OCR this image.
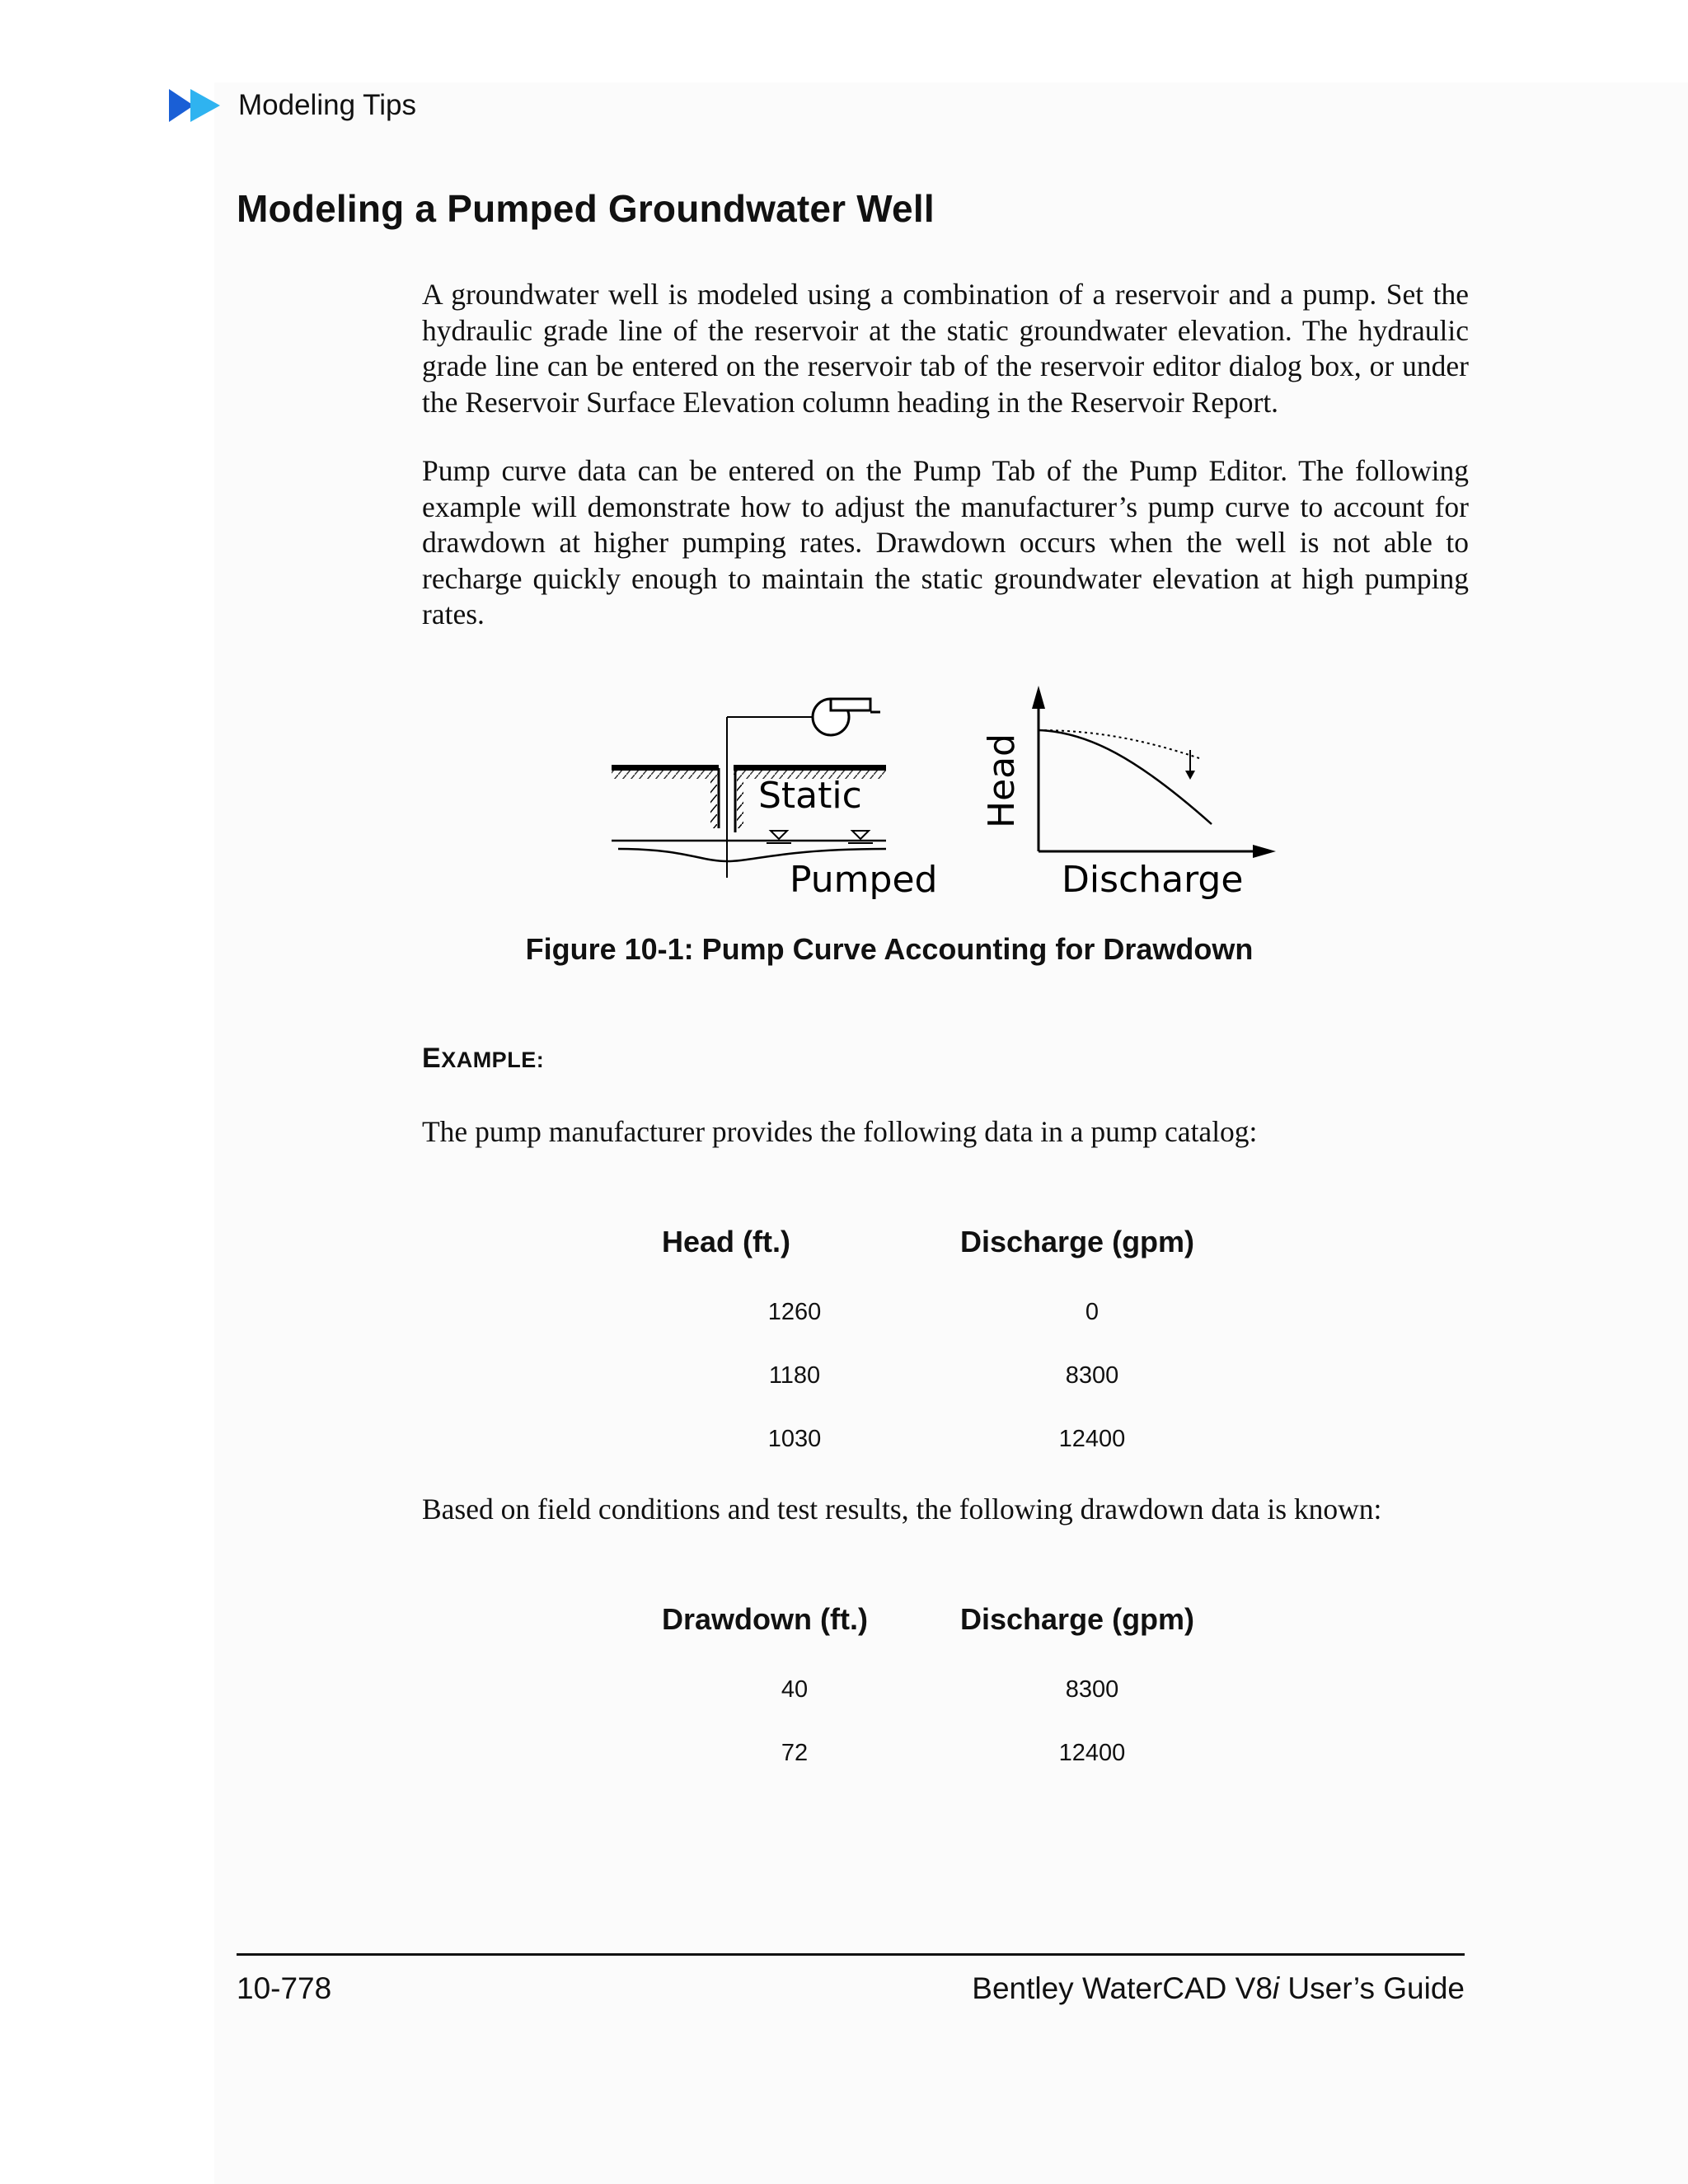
Modeling Tips
Modeling a Pumped Groundwater Well

A groundwater well is modeled using a combination of a reservoir and a pump. Set the hydraulic grade line of the reservoir at the static groundwater elevation. The hydraulic grade line can be entered on the reservoir tab of the reservoir editor dialog box, or under the Reservoir Surface Elevation column heading in the Reservoir Report.

Pump curve data can be entered on the Pump Tab of the Pump Editor. The following example will demonstrate how to adjust the manufacturer’s pump curve to account for drawdown at higher pumping rates. Drawdown occurs when the well is not able to recharge quickly enough to maintain the static groundwater elevation at high pumping rates.

Static
Pumped
Head
Discharge
Figure 10-1: Pump Curve Accounting for Drawdown
EXAMPLE:

The pump manufacturer provides the following data in a pump catalog:

Head (ft.)	Discharge (gpm)
1260	0
1180	8300
1030	12400

Based on field conditions and test results, the following drawdown data is known:

Drawdown (ft.)	Discharge (gpm)
40	8300
72	12400
10-778	Bentley WaterCAD V8i User’s Guide
